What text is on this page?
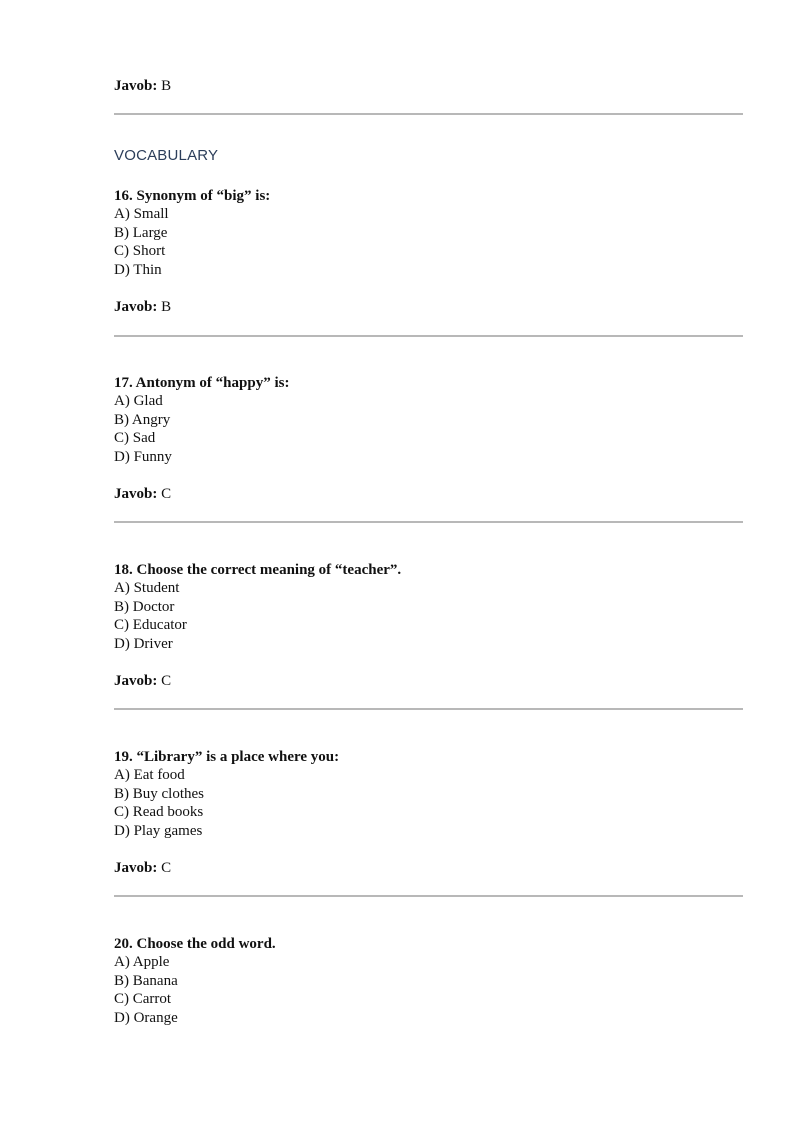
Javob: B
VOCABULARY
16. Synonym of “big” is:
A) Small
B) Large
C) Short
D) Thin
Javob: B
17. Antonym of “happy” is:
A) Glad
B) Angry
C) Sad
D) Funny
Javob: C
18. Choose the correct meaning of “teacher”.
A) Student
B) Doctor
C) Educator
D) Driver
Javob: C
19. “Library” is a place where you:
A) Eat food
B) Buy clothes
C) Read books
D) Play games
Javob: C
20. Choose the odd word.
A) Apple
B) Banana
C) Carrot
D) Orange
